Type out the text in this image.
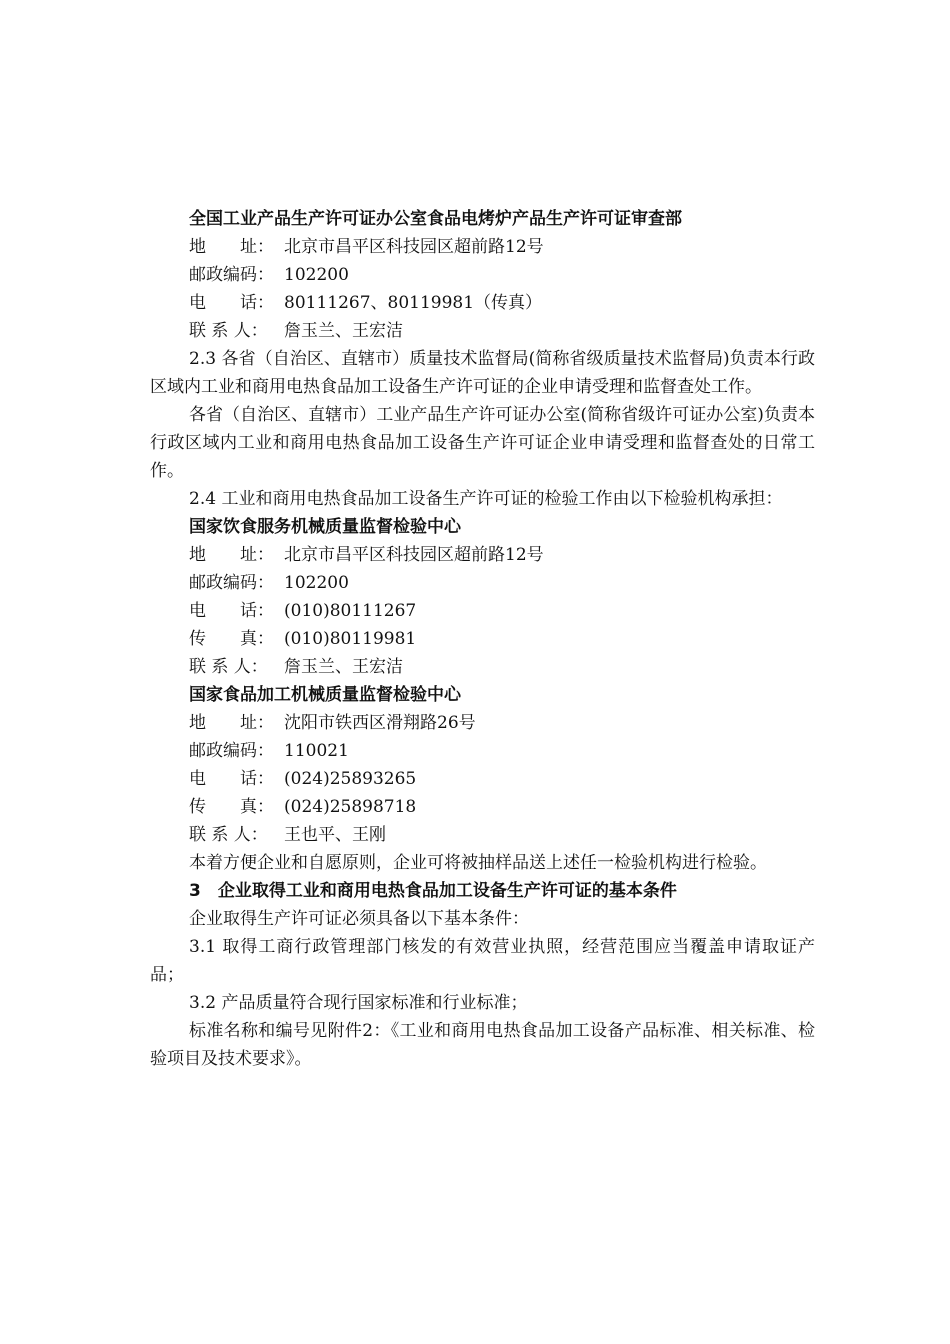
全国工业产品生产许可证办公室食品电烤炉产品生产许可证审查部
地　　址： 北京市昌平区科技园区超前路12号
邮政编码： 102200
电　　话： 80111267、80119981（传真）
联 系 人： 詹玉兰、王宏洁

2.3 各省（自治区、直辖市）质量技术监督局(简称省级质量技术监督局)负责本行政区域内工业和商用电热食品加工设备生产许可证的企业申请受理和监督查处工作。

各省（自治区、直辖市）工业产品生产许可证办公室(简称省级许可证办公室)负责本行政区域内工业和商用电热食品加工设备生产许可证企业申请受理和监督查处的日常工作。

2.4 工业和商用电热食品加工设备生产许可证的检验工作由以下检验机构承担：

国家饮食服务机械质量监督检验中心
地　　址： 北京市昌平区科技园区超前路12号
邮政编码： 102200
电　　话： (010)80111267
传　　真： (010)80119981
联 系 人： 詹玉兰、王宏洁
国家食品加工机械质量监督检验中心
地　　址： 沈阳市铁西区滑翔路26号
邮政编码： 110021
电　　话： (024)25893265
传　　真： (024)25898718
联 系 人： 王也平、王刚

本着方便企业和自愿原则，企业可将被抽样品送上述任一检验机构进行检验。

3　企业取得工业和商用电热食品加工设备生产许可证的基本条件

企业取得生产许可证必须具备以下基本条件：

3.1 取得工商行政管理部门核发的有效营业执照，经营范围应当覆盖申请取证产品；

3.2 产品质量符合现行国家标准和行业标准；

标准名称和编号见附件2：《工业和商用电热食品加工设备产品标准、相关标准、检验项目及技术要求》。
